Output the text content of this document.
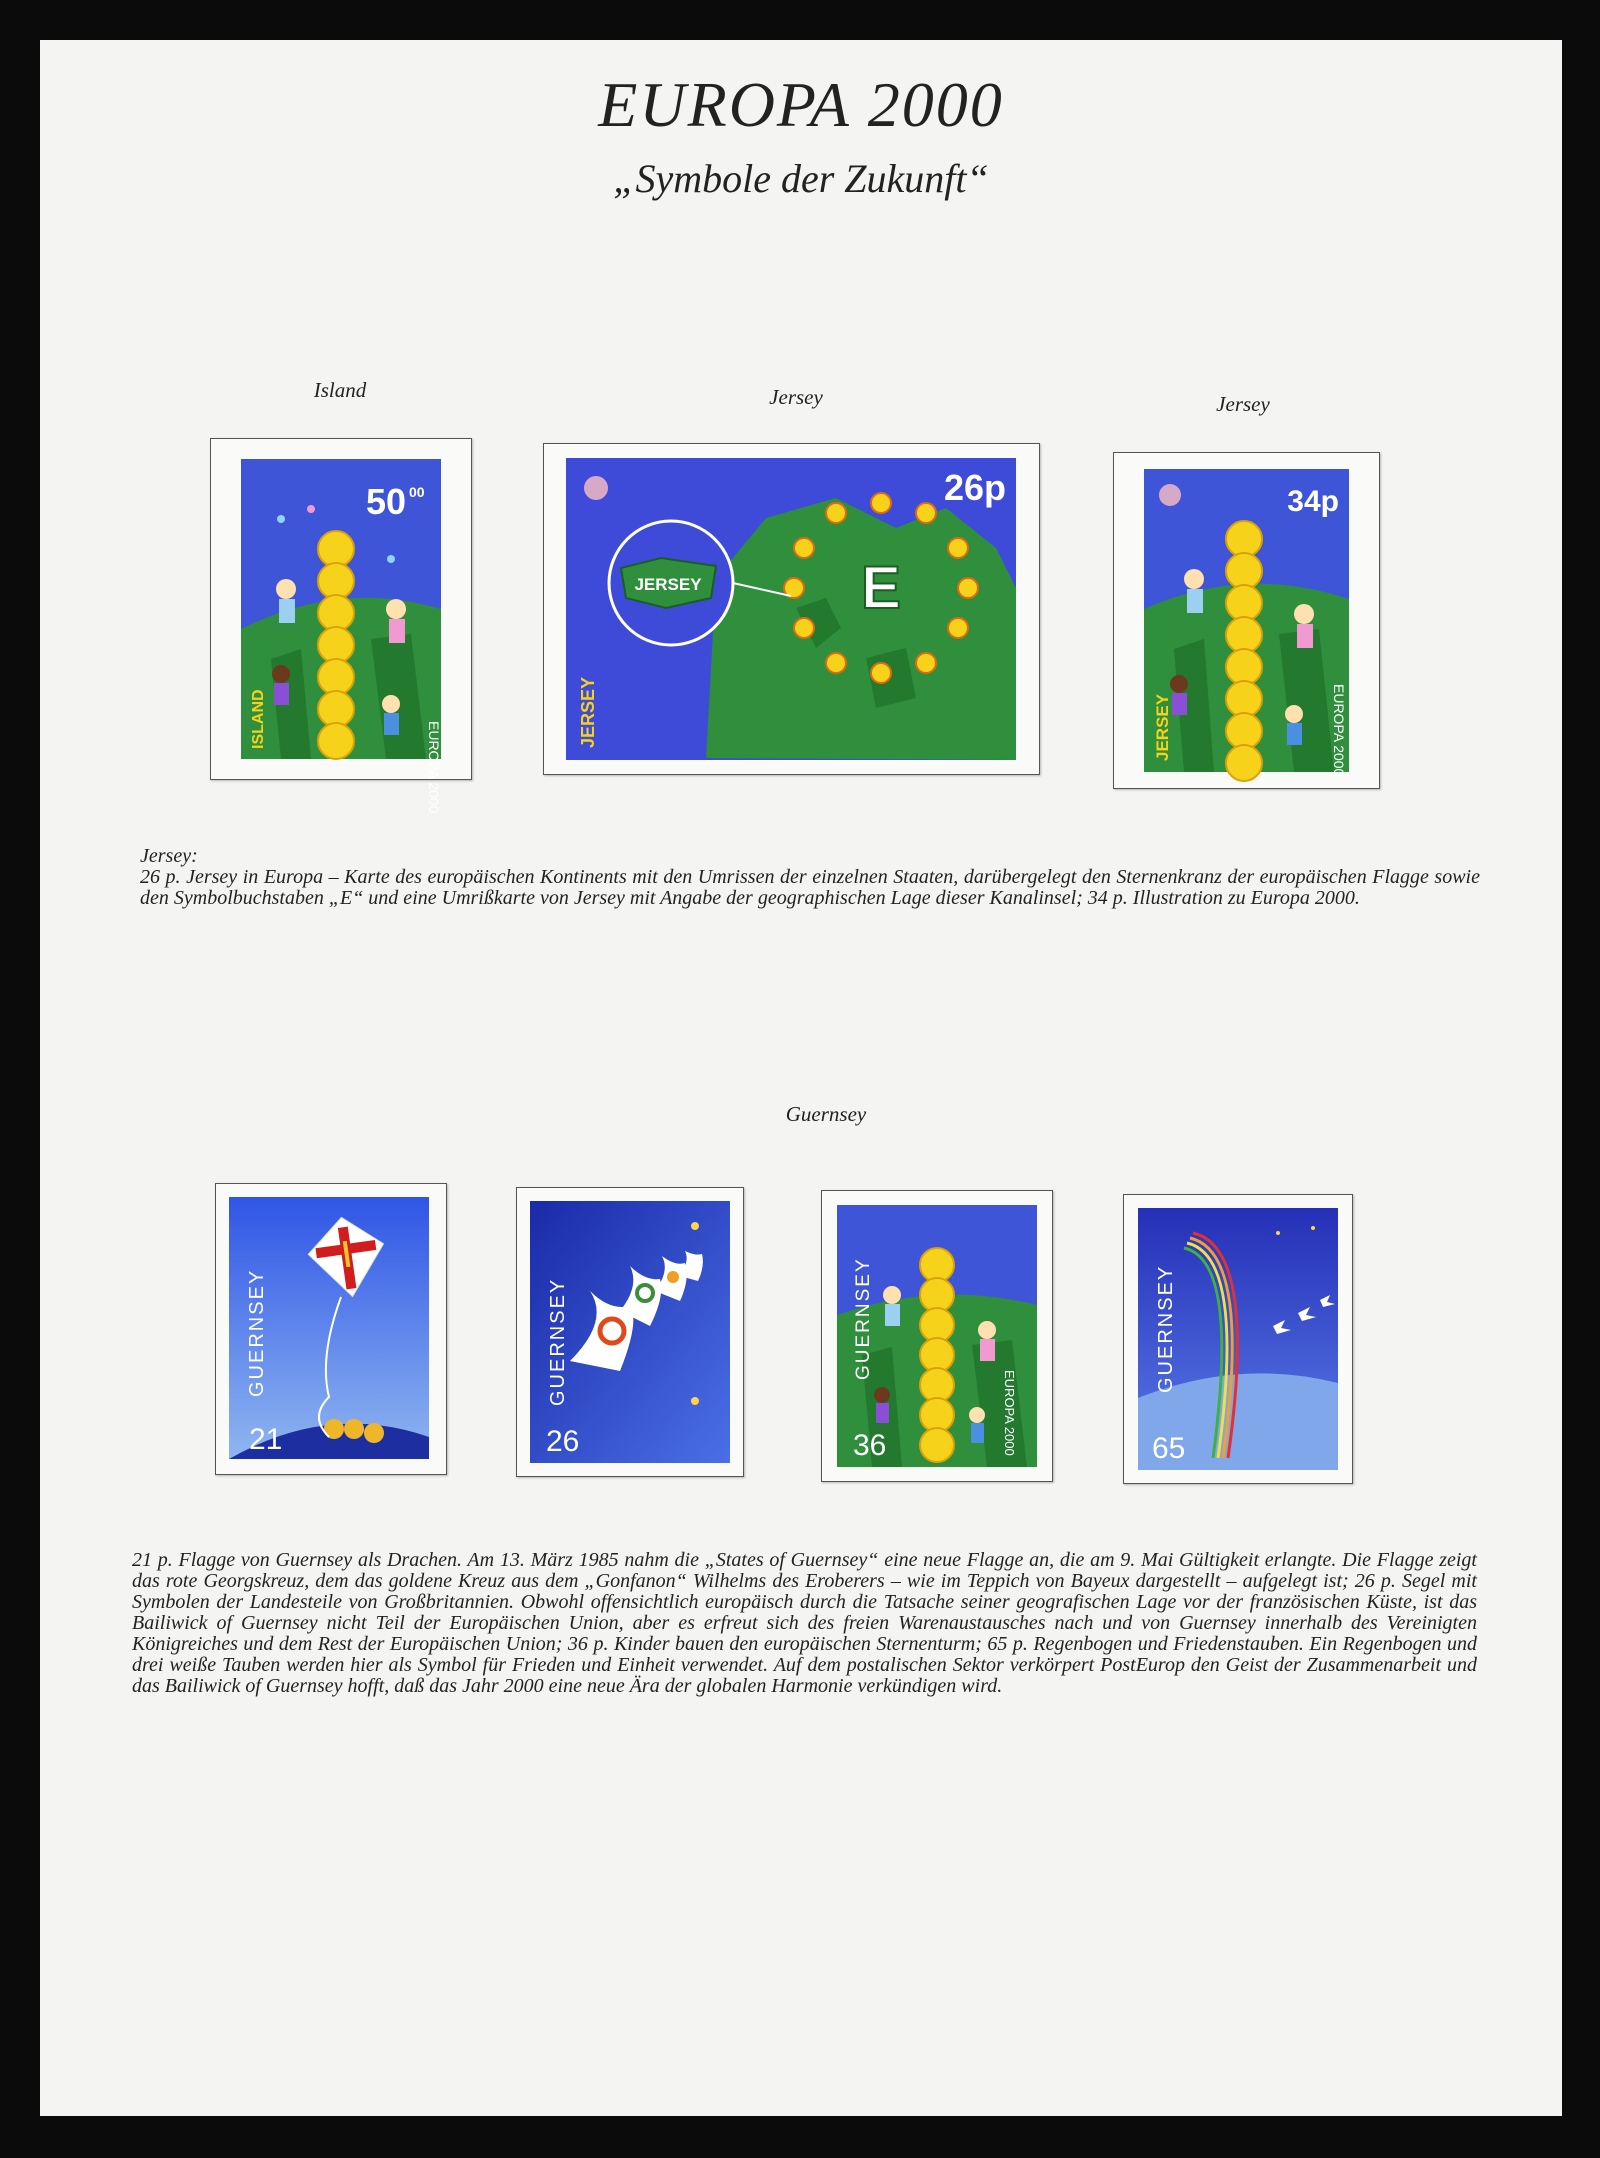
EUROPA 2000
„Symbole der Zukunft“
Island	Jersey	Jersey
50 00
ISLAND
EUROPA 2000
E
JERSEY
26p
JERSEY
34p
JERSEY	EUROPA 2000

Jersey:

26 p. Jersey in Europa – Karte des europäischen Kontinents mit den Umrissen der einzelnen Staaten, darübergelegt den Sternenkranz der europäischen Flagge sowie den Symbolbuchstaben „E“ und eine Umrißkarte von Jersey mit Angabe der geographischen Lage dieser Kanalinsel; 34 p. Illustration zu Europa 2000.

Guernsey
GUERNSEY
21
GUERNSEY
26
GUERNSEY
EUROPA 2000
36
GUERNSEY
65

21 p. Flagge von Guernsey als Drachen. Am 13. März 1985 nahm die „States of Guernsey“ eine neue Flagge an, die am 9. Mai Gültigkeit erlangte. Die Flagge zeigt das rote Georgskreuz, dem das goldene Kreuz aus dem „Gonfanon“ Wilhelms des Eroberers – wie im Teppich von Bayeux dargestellt – aufgelegt ist; 26 p. Segel mit Symbolen der Landesteile von Großbritannien. Obwohl offensichtlich europäisch durch die Tatsache seiner geografischen Lage vor der französischen Küste, ist das Bailiwick of Guernsey nicht Teil der Europäischen Union, aber es erfreut sich des freien Warenaustausches nach und von Guernsey innerhalb des Vereinigten Königreiches und dem Rest der Europäischen Union; 36 p. Kinder bauen den europäischen Sternenturm; 65 p. Regenbogen und Friedenstauben. Ein Regenbogen und drei weiße Tauben werden hier als Symbol für Frieden und Einheit verwendet. Auf dem postalischen Sektor verkörpert PostEurop den Geist der Zusammenarbeit und das Bailiwick of Guernsey hofft, daß das Jahr 2000 eine neue Ära der globalen Harmonie verkündigen wird.
